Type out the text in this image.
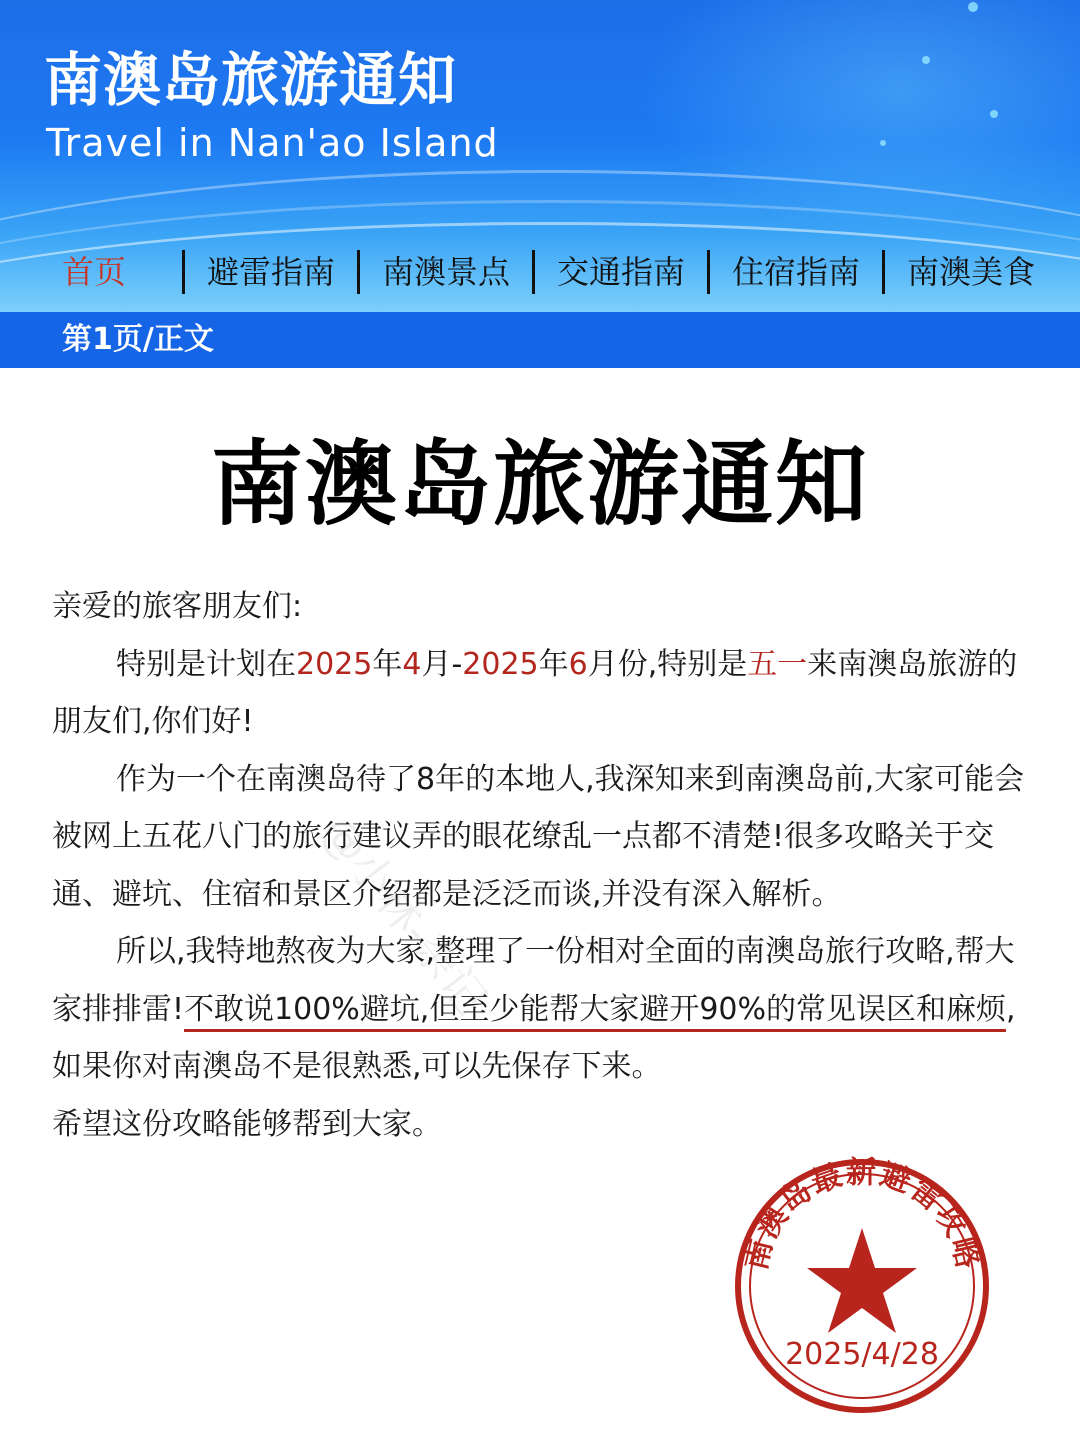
南澳岛旅游通知
Travel in Nan'ao Island
首页	避雷指南 南澳景点 交通指南 住宿指南 南澳美食
第1页/正文
南澳岛旅游通知
@小林-杂记

亲爱的旅客朋友们:

特别是计划在2025年4月-2025年6月份,特别是五一来南澳岛旅游的朋友们,你们好!

作为一个在南澳岛待了8年的本地人,我深知来到南澳岛前,大家可能会被网上五花八门的旅行建议弄的眼花缭乱一点都不清楚!很多攻略关于交通、避坑、住宿和景区介绍都是泛泛而谈,并没有深入解析。

所以,我特地熬夜为大家,整理了一份相对全面的南澳岛旅行攻略,帮大家排排雷!不敢说100%避坑,但至少能帮大家避开90%的常见误区和麻烦,如果你对南澳岛不是很熟悉,可以先保存下来。

希望这份攻略能够帮到大家。

南澳岛最新避雷攻略
2025/4/28
